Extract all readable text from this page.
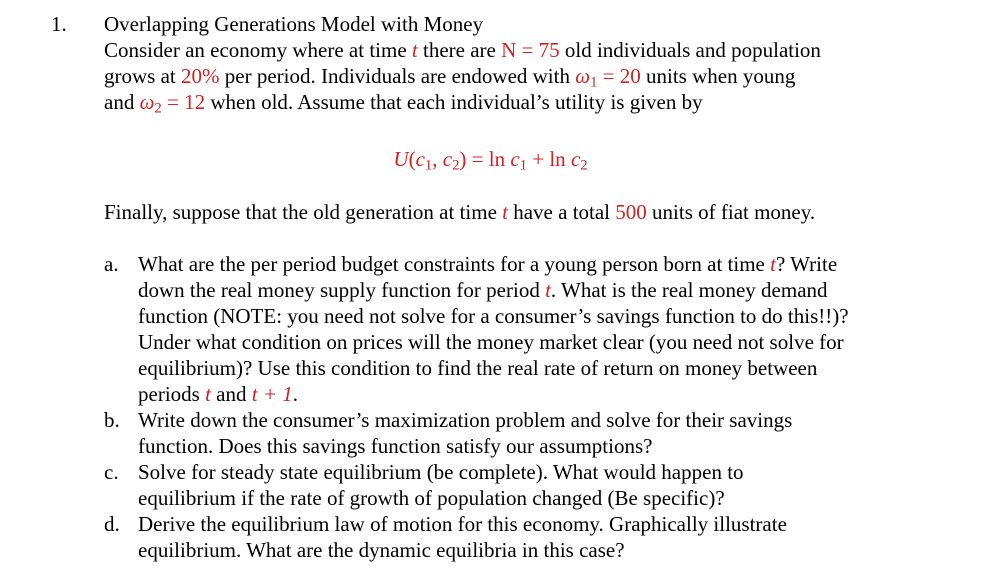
1. Overlapping Generations Model with Money
Consider an economy where at time t there are N = 75 old individuals and population
grows at 20% per period. Individuals are endowed with $\omega_1 = 20$ units when young
and $\omega_2 = 12$ when old. Assume that each individual’s utility is given by
$U(c_1$, $c_2) = \ln c_1 + \ln c_2$
Finally, suppose that the old generation at time t have a total 500 units of fiat money.
a. What are the per period budget constraints for a young person born at time t? Write
down the real money supply function for period t. What is the real money demand
function (NOTE: you need not solve for a consumer’s savings function to do this!!)?
Under what condition on prices will the money market clear (you need not solve for
equilibrium)? Use this condition to find the real rate of return on money between
periods t and t + 1.
b. Write down the consumer’s maximization problem and solve for their savings
function. Does this savings function satisfy our assumptions?
c. Solve for steady state equilibrium (be complete). What would happen to
equilibrium if the rate of growth of population changed (Be specific)?
d. Derive the equilibrium law of motion for this economy. Graphically illustrate
equilibrium. What are the dynamic equilibria in this case?
